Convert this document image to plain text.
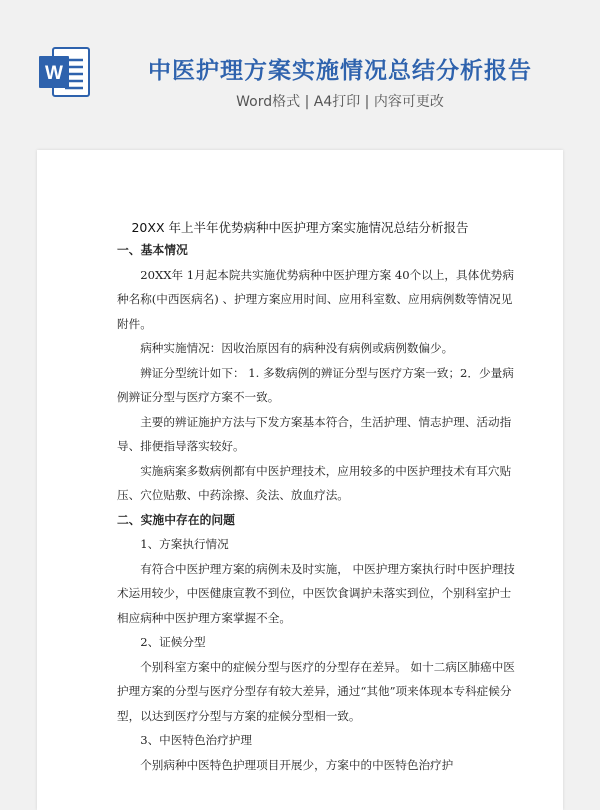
W	中医护理方案实施情况总结分析报告
Word格式 | A4打印 | 内容可更改
20XX 年上半年优势病种中医护理方案实施情况总结分析报告

一、基本情况

20XX年 1月起本院共实施优势病种中医护理方案 40个以上，具体优势病种名称(中西医病名) 、护理方案应用时间、应用科室数、应用病例数等情况见附件。

病种实施情况：因收治原因有的病种没有病例或病例数偏少。

辨证分型统计如下： 1. 多数病例的辨证分型与医疗方案一致；2．少量病例辨证分型与医疗方案不一致。

主要的辨证施护方法与下发方案基本符合，生活护理、情志护理、活动指导、排便指导落实较好。

实施病案多数病例都有中医护理技术，应用较多的中医护理技术有耳穴贴压、穴位贴敷、中药涂擦、灸法、放血疗法。

二、实施中存在的问题

1、方案执行情况

有符合中医护理方案的病例未及时实施， 中医护理方案执行时中医护理技术运用较少，中医健康宣教不到位，中医饮食调护未落实到位，个别科室护士相应病种中医护理方案掌握不全。

2、证候分型

个别科室方案中的症候分型与医疗的分型存在差异。 如十二病区肺癌中医护理方案的分型与医疗分型存有较大差异，通过“其他”项来体现本专科症候分型，以达到医疗分型与方案的症候分型相一致。

3、中医特色治疗护理

个别病种中医特色护理项目开展少，方案中的中医特色治疗护
